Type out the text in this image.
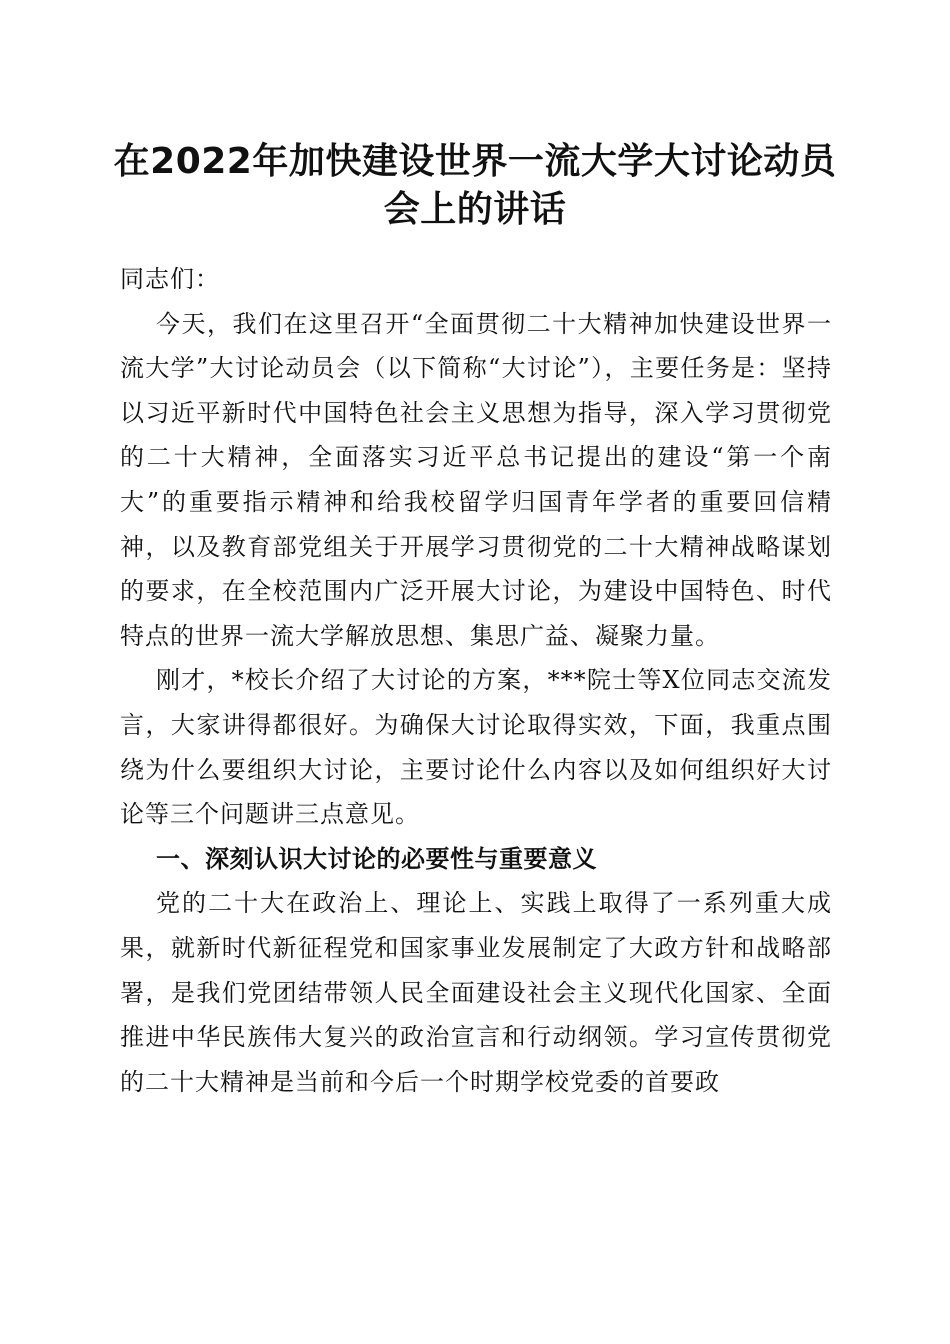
在2022年加快建设世界一流大学大讨论动员会上的讲话

同志们：

今天，我们在这里召开“全面贯彻二十大精神加快建设世界一流大学”大讨论动员会（以下简称“大讨论”），主要任务是：坚持以习近平新时代中国特色社会主义思想为指导，深入学习贯彻党的二十大精神，全面落实习近平总书记提出的建设“第一个南大”的重要指示精神和给我校留学归国青年学者的重要回信精神，以及教育部党组关于开展学习贯彻党的二十大精神战略谋划的要求，在全校范围内广泛开展大讨论，为建设中国特色、时代特点的世界一流大学解放思想、集思广益、凝聚力量。

刚才，*校长介绍了大讨论的方案，***院士等X位同志交流发言，大家讲得都很好。为确保大讨论取得实效，下面，我重点围绕为什么要组织大讨论，主要讨论什么内容以及如何组织好大讨论等三个问题讲三点意见。

一、深刻认识大讨论的必要性与重要意义

党的二十大在政治上、理论上、实践上取得了一系列重大成果，就新时代新征程党和国家事业发展制定了大政方针和战略部署，是我们党团结带领人民全面建设社会主义现代化国家、全面推进中华民族伟大复兴的政治宣言和行动纲领。学习宣传贯彻党的二十大精神是当前和今后一个时期学校党委的首要政
